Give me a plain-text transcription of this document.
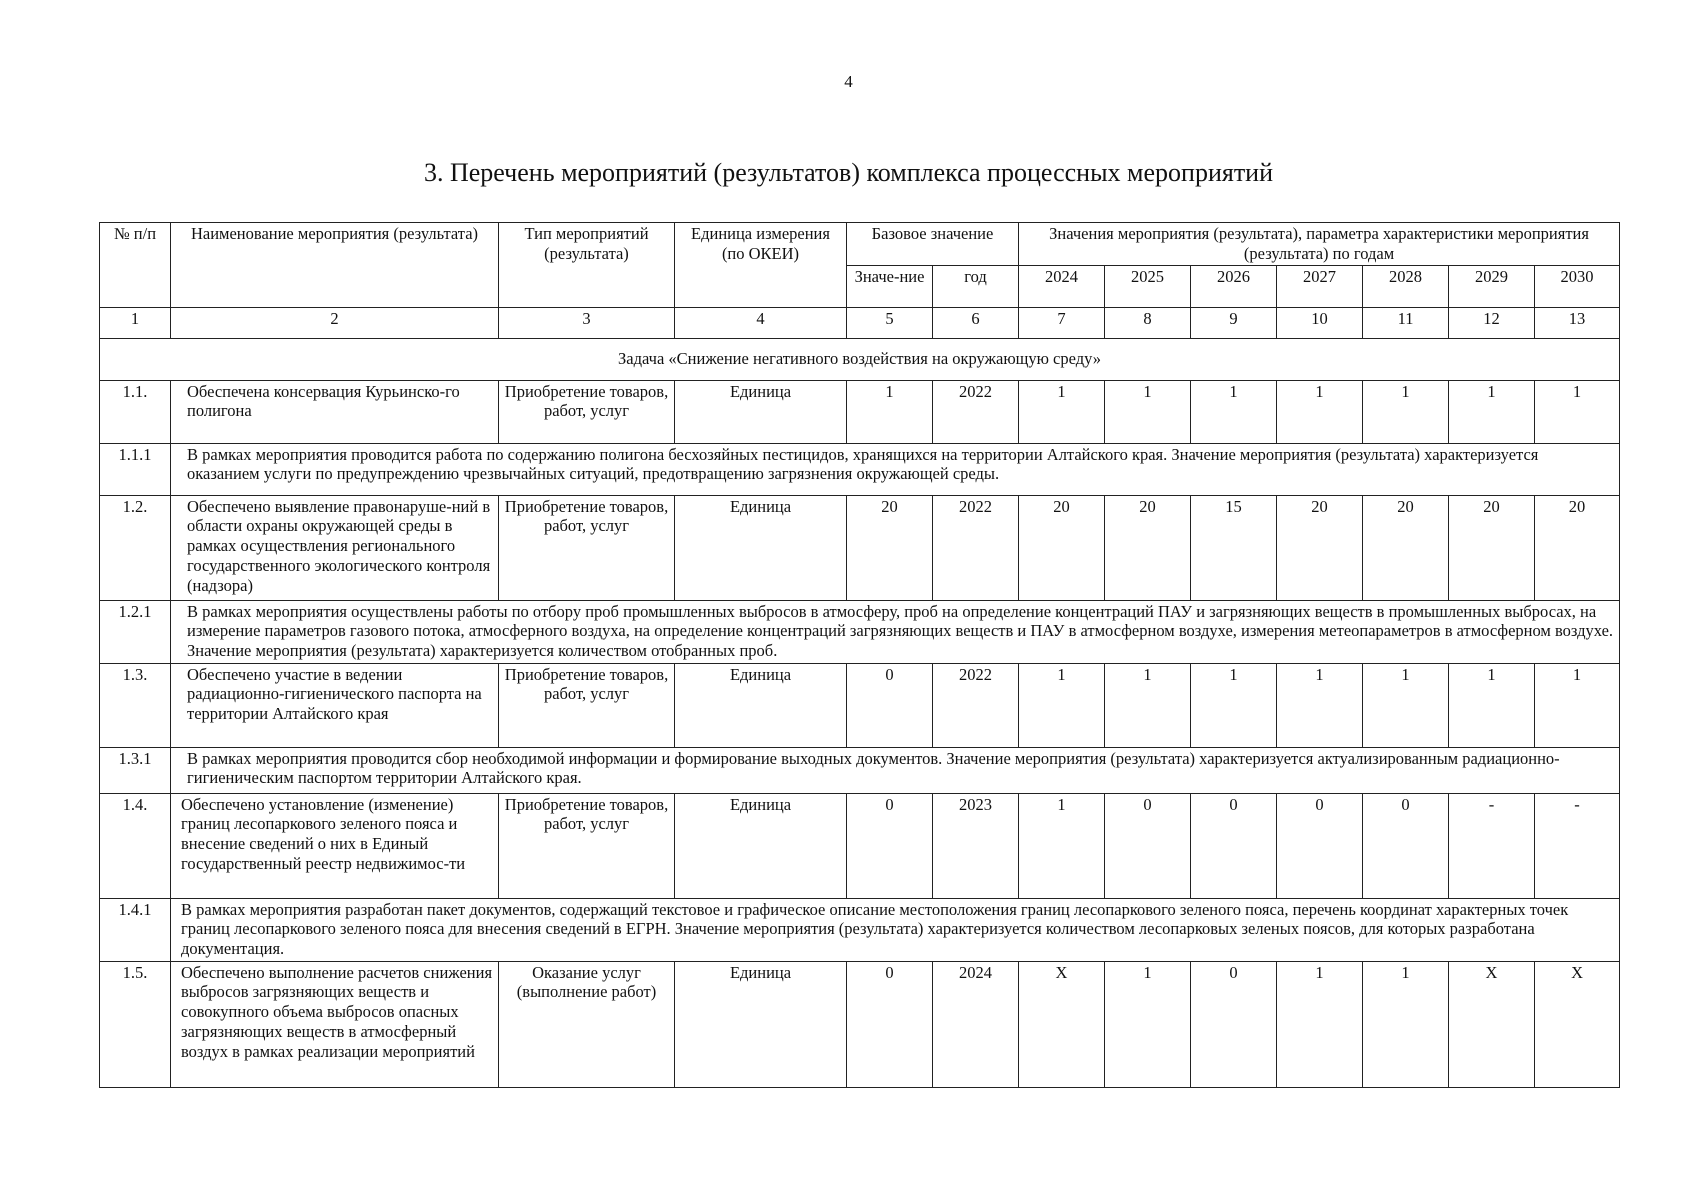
4
3. Перечень мероприятий (результатов) комплекса процессных мероприятий
№ п/п	Наименование мероприятия (результата)	Тип мероприятий (результата)	Единица измерения (по ОКЕИ)	Базовое значение		Значения мероприятия (результата), параметра характеристики мероприятия (результата) по годам						
				Значе-ние	год	2024	2025	2026	2027	2028	2029	2030
1	2	3	4	5	6	7	8	9	10	11	12	13
Задача «Снижение негативного воздействия на окружающую среду»												
1.1.	Обеспечена консервация Курьинско-го полигона	Приобретение товаров, работ, услуг	Единица	1	2022	1	1	1	1	1	1	1
1.1.1	В рамках мероприятия проводится работа по содержанию полигона бесхозяйных пестицидов, хранящихся на территории Алтайского края. Значение мероприятия (результата) характеризуется оказанием услуги по предупреждению чрезвычайных ситуаций, предотвращению загрязнения окружающей среды.											
1.2.	Обеспечено выявление правонаруше-ний в области охраны окружающей среды в рамках осуществления регионального государственного экологического контроля (надзора)	Приобретение товаров, работ, услуг	Единица	20	2022	20	20	15	20	20	20	20
1.2.1	В рамках мероприятия осуществлены работы по отбору проб промышленных выбросов в атмосферу, проб на определение концентраций ПАУ и загрязняющих веществ в промышленных выбросах, на измерение параметров газового потока, атмосферного воздуха, на определение концентраций загрязняющих веществ и ПАУ в атмосферном воздухе, измерения метеопараметров в атмосферном воздухе. Значение мероприятия (результата) характеризуется количеством отобранных проб.											
1.3.	Обеспечено участие в ведении радиационно-гигиенического паспорта на территории Алтайского края	Приобретение товаров, работ, услуг	Единица	0	2022	1	1	1	1	1	1	1
1.3.1	В рамках мероприятия проводится сбор необходимой информации и формирование выходных документов. Значение мероприятия (результата) характеризуется актуализированным радиационно-гигиеническим паспортом территории Алтайского края.											
1.4.	Обеспечено установление (изменение) границ лесопаркового зеленого пояса и внесение сведений о них в Единый государственный реестр недвижимос-ти	Приобретение товаров, работ, услуг	Единица	0	2023	1	0	0	0	0	-	-
1.4.1	В рамках мероприятия разработан пакет документов, содержащий текстовое и графическое описание местоположения границ лесопаркового зеленого пояса, перечень координат характерных точек границ лесопаркового зеленого пояса для внесения сведений в ЕГРН. Значение мероприятия (результата) характеризуется количеством лесопарковых зеленых поясов, для которых разработана документация.											
1.5.	Обеспечено выполнение расчетов снижения выбросов загрязняющих веществ и совокупного объема выбросов опасных загрязняющих веществ в атмосферный воздух в рамках реализации мероприятий	Оказание услуг (выполнение работ)	Единица	0	2024	X	1	0	1	1	X	X
